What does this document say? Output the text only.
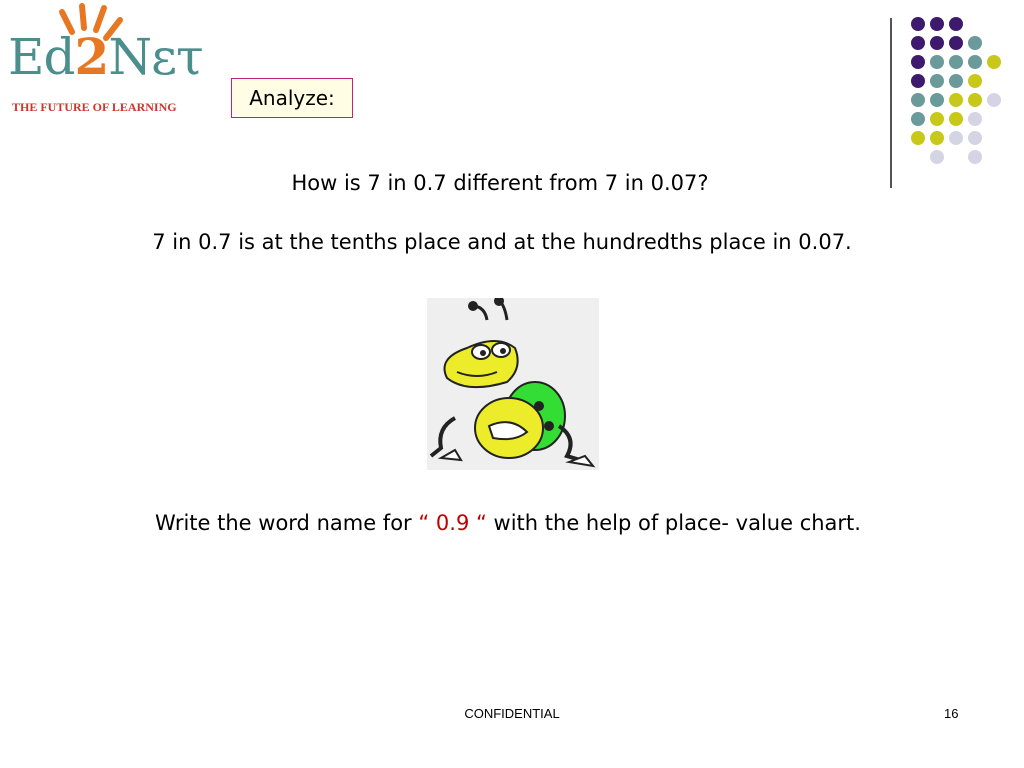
Ed2Nετ
THE FUTURE OF LEARNING	Analyze:
How is 7 in 0.7 different from 7 in 0.07?
7 in 0.7 is at the tenths place and at the hundredths place in 0.07.
Write the word name for “ 0.9 “ with the help of place- value chart.
CONFIDENTIAL	16
